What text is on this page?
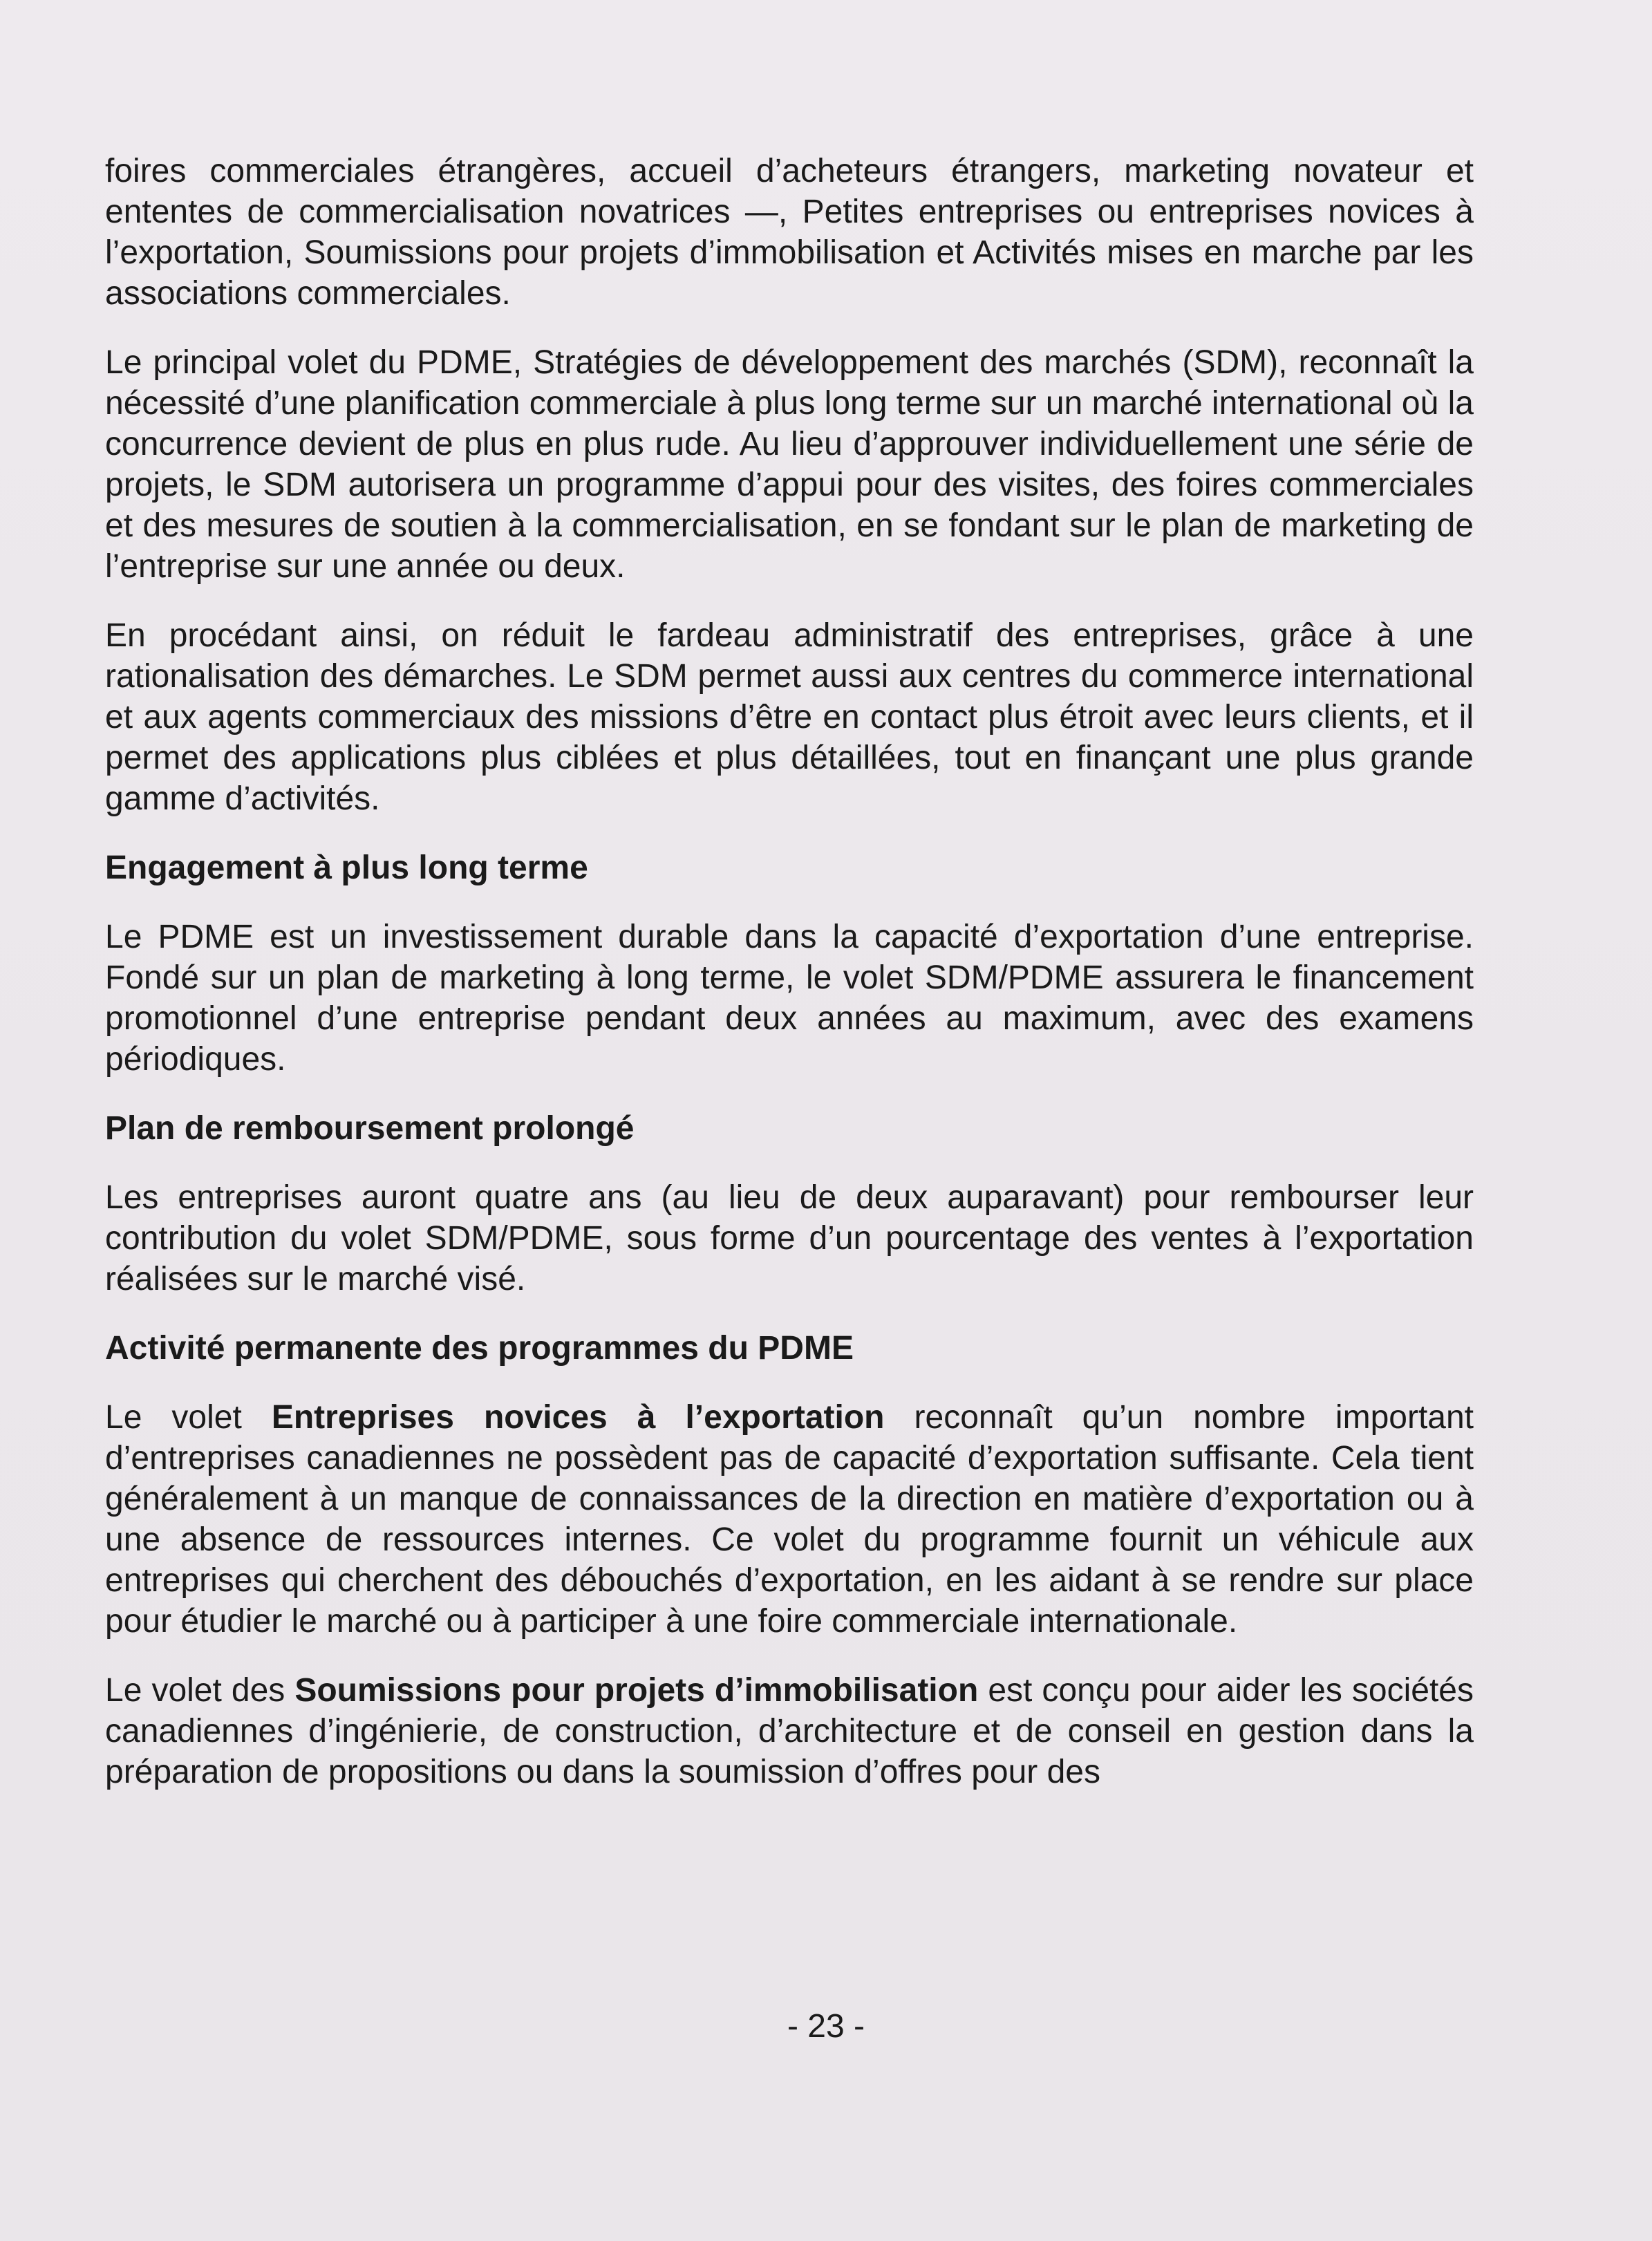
foires commerciales étrangères, accueil d’acheteurs étrangers, marketing novateur et ententes de commercialisation novatrices —, Petites entreprises ou entreprises novices à l’exportation, Soumissions pour projets d’immobilisation et Activités mises en marche par les associations commerciales.

Le principal volet du PDME, Stratégies de développement des marchés (SDM), reconnaît la nécessité d’une planification commerciale à plus long terme sur un marché international où la concurrence devient de plus en plus rude. Au lieu d’approuver individuellement une série de projets, le SDM autorisera un programme d’appui pour des visites, des foires commerciales et des mesures de soutien à la commercialisation, en se fondant sur le plan de marketing de l’entreprise sur une année ou deux.

En procédant ainsi, on réduit le fardeau administratif des entreprises, grâce à une rationalisation des démarches. Le SDM permet aussi aux centres du commerce international et aux agents commerciaux des missions d’être en contact plus étroit avec leurs clients, et il permet des applications plus ciblées et plus détaillées, tout en finançant une plus grande gamme d’activités.

Engagement à plus long terme

Le PDME est un investissement durable dans la capacité d’exportation d’une entreprise. Fondé sur un plan de marketing à long terme, le volet SDM/PDME assurera le financement promotionnel d’une entreprise pendant deux années au maximum, avec des examens périodiques.

Plan de remboursement prolongé

Les entreprises auront quatre ans (au lieu de deux auparavant) pour rembourser leur contribution du volet SDM/PDME, sous forme d’un pourcentage des ventes à l’exportation réalisées sur le marché visé.

Activité permanente des programmes du PDME

Le volet Entreprises novices à l’exportation reconnaît qu’un nombre important d’entreprises canadiennes ne possèdent pas de capacité d’exportation suffisante. Cela tient généralement à un manque de connaissances de la direction en matière d’exportation ou à une absence de ressources internes. Ce volet du programme fournit un véhicule aux entreprises qui cherchent des débouchés d’exportation, en les aidant à se rendre sur place pour étudier le marché ou à participer à une foire commerciale internationale.

Le volet des Soumissions pour projets d’immobilisation est conçu pour aider les sociétés canadiennes d’ingénierie, de construction, d’architecture et de conseil en gestion dans la préparation de propositions ou dans la soumission d’offres pour des

- 23 -
